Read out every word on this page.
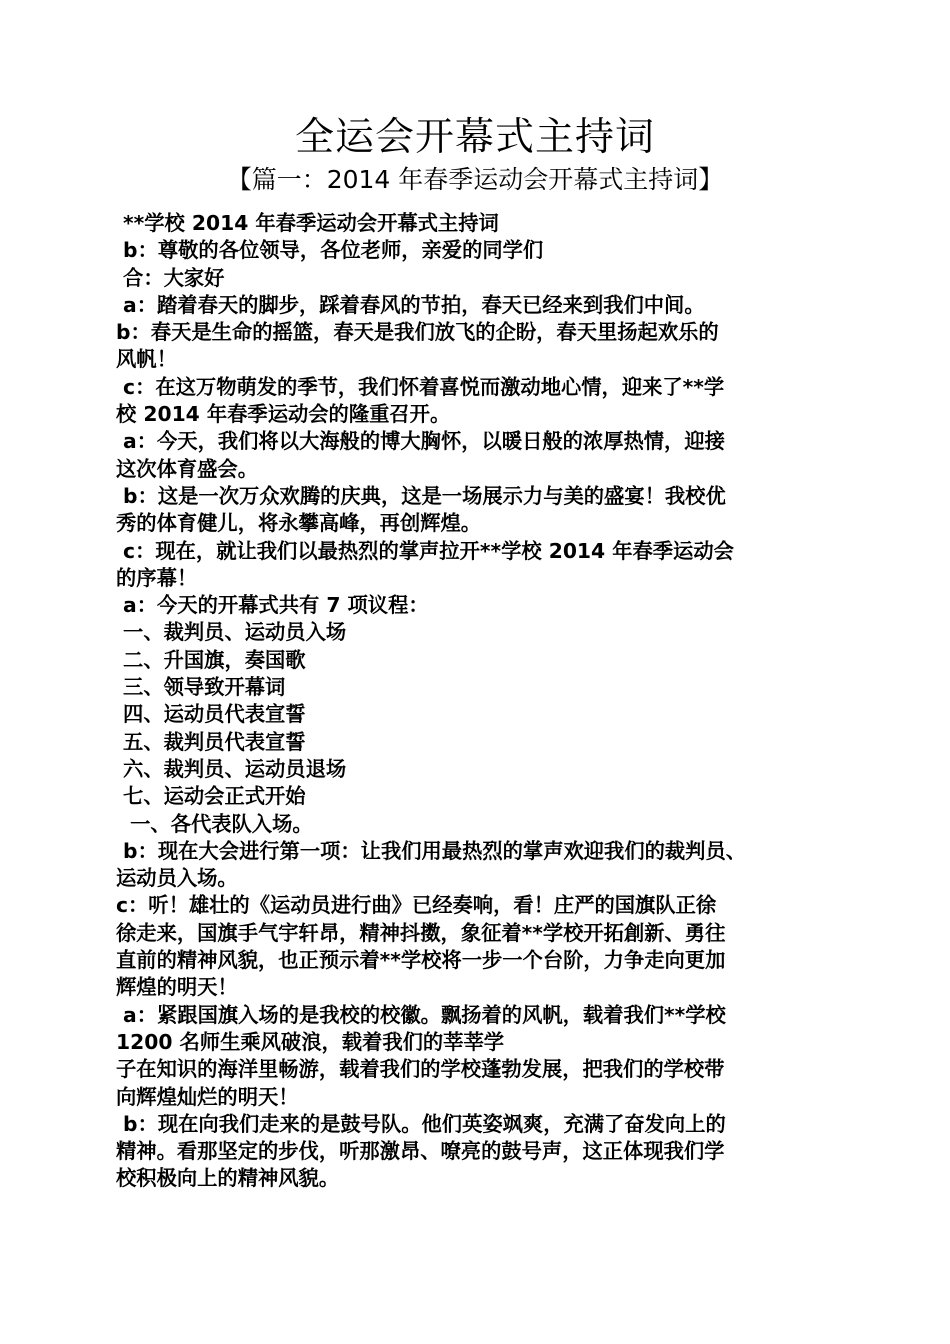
全运会开幕式主持词
【篇一：2014 年春季运动会开幕式主持词】
**学校 2014 年春季运动会开幕式主持词
b：尊敬的各位领导，各位老师，亲爱的同学们
合：大家好
a：踏着春天的脚步，踩着春风的节拍，春天已经来到我们中间。
b：春天是生命的摇篮，春天是我们放飞的企盼，春天里扬起欢乐的
风帆！
c：在这万物萌发的季节，我们怀着喜悦而激动地心情，迎来了**学
校 2014 年春季运动会的隆重召开。
a：今天，我们将以大海般的博大胸怀，以暖日般的浓厚热情，迎接
这次体育盛会。
b：这是一次万众欢腾的庆典，这是一场展示力与美的盛宴！我校优
秀的体育健儿，将永攀高峰，再创辉煌。
c：现在，就让我们以最热烈的掌声拉开**学校 2014 年春季运动会
的序幕！
a：今天的开幕式共有 7 项议程：
一、裁判员、运动员入场
二、升国旗，奏国歌
三、领导致开幕词
四、运动员代表宣誓
五、裁判员代表宣誓
六、裁判员、运动员退场
七、运动会正式开始
一、各代表队入场。
b：现在大会进行第一项：让我们用最热烈的掌声欢迎我们的裁判员、
运动员入场。
c：听！雄壮的《运动员进行曲》已经奏响，看！庄严的国旗队正徐
徐走来，国旗手气宇轩昂，精神抖擞，象征着**学校开拓創新、勇往
直前的精神风貌，也正预示着**学校将一步一个台阶，力争走向更加
辉煌的明天！
a：紧跟国旗入场的是我校的校徽。飘扬着的风帆，载着我们**学校
1200 名师生乘风破浪，载着我们的莘莘学
子在知识的海洋里畅游，载着我们的学校蓬勃发展，把我们的学校带
向辉煌灿烂的明天！
b：现在向我们走来的是鼓号队。他们英姿飒爽，充满了奋发向上的
精神。看那坚定的步伐，听那激昂、嘹亮的鼓号声，这正体现我们学
校积极向上的精神风貌。
